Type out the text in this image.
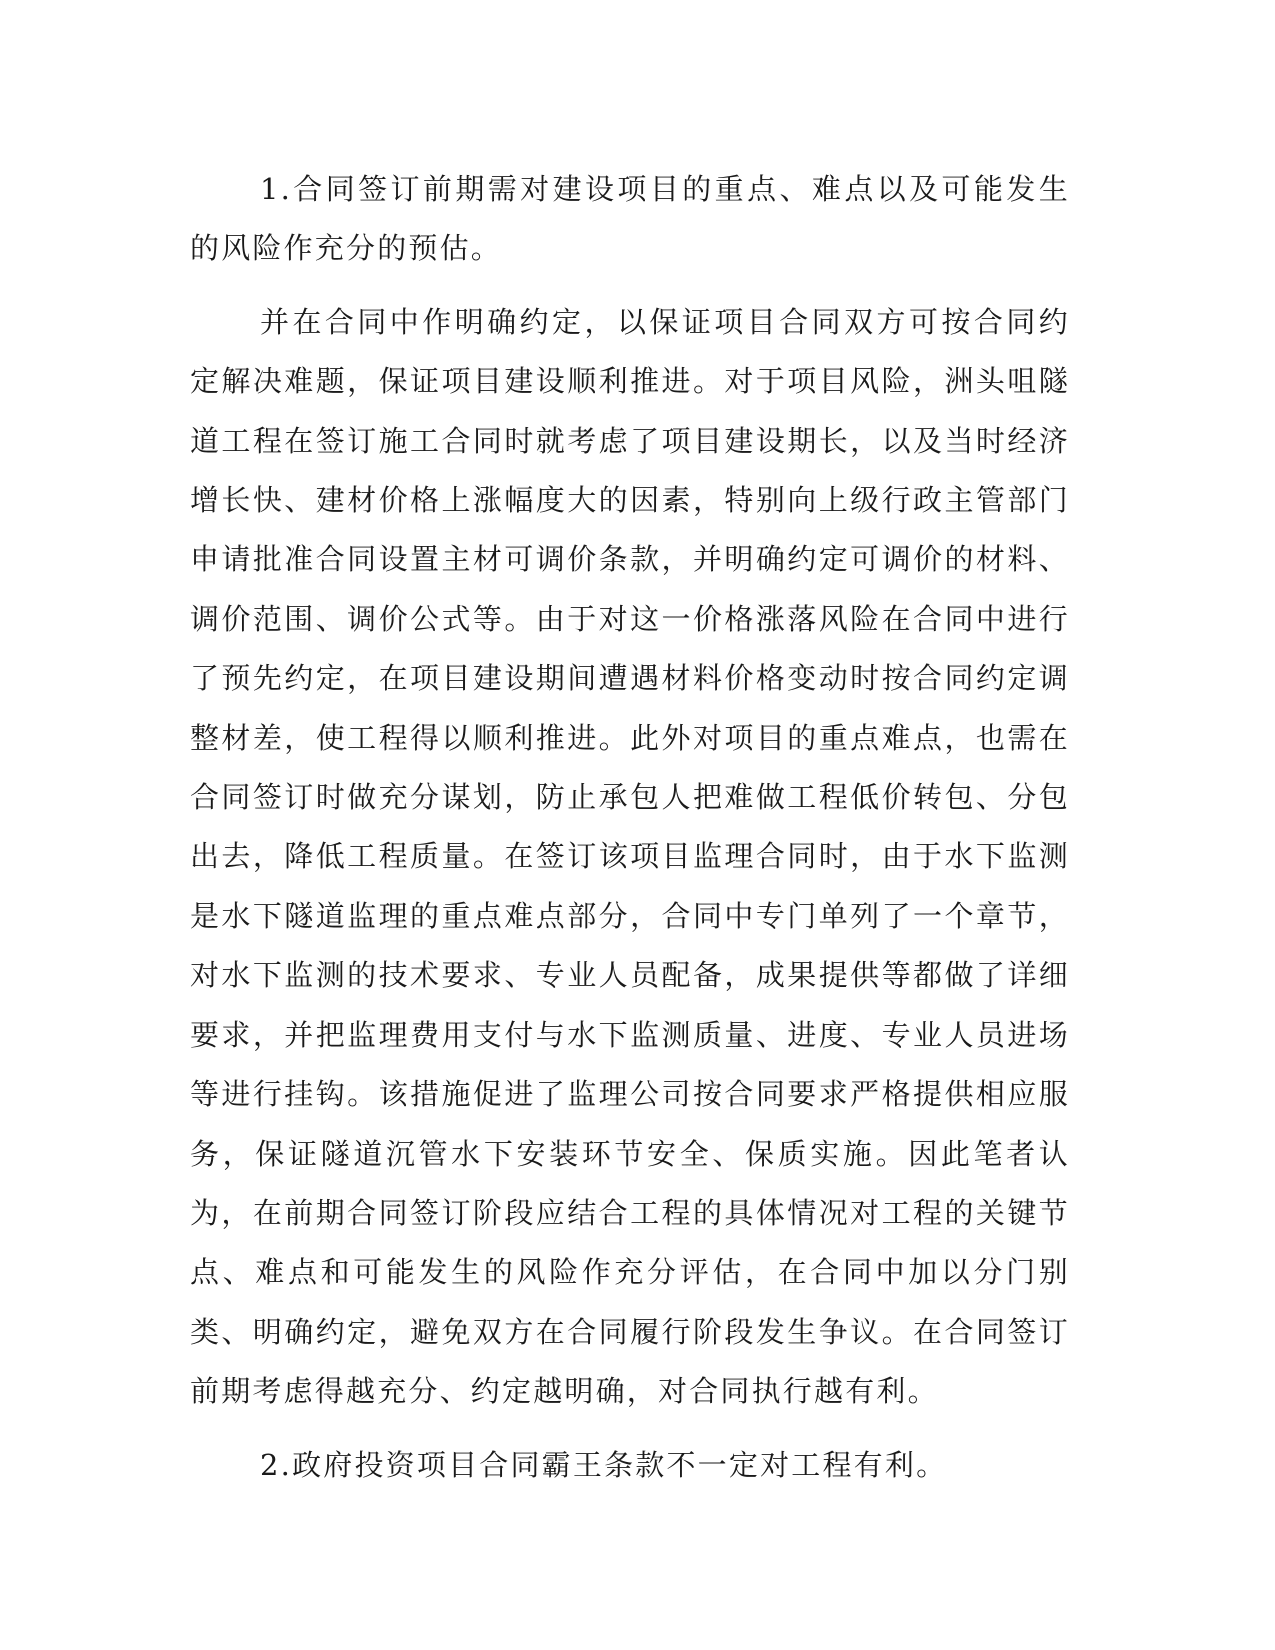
1.合同签订前期需对建设项目的重点、难点以及可能发生的风险作充分的预估。

并在合同中作明确约定，以保证项目合同双方可按合同约定解决难题，保证项目建设顺利推进。对于项目风险，洲头咀隧道工程在签订施工合同时就考虑了项目建设期长，以及当时经济增长快、建材价格上涨幅度大的因素，特别向上级行政主管部门申请批准合同设置主材可调价条款，并明确约定可调价的材料、调价范围、调价公式等。由于对这一价格涨落风险在合同中进行了预先约定，在项目建设期间遭遇材料价格变动时按合同约定调整材差，使工程得以顺利推进。此外对项目的重点难点，也需在合同签订时做充分谋划，防止承包人把难做工程低价转包、分包出去，降低工程质量。在签订该项目监理合同时，由于水下监测是水下隧道监理的重点难点部分，合同中专门单列了一个章节，对水下监测的技术要求、专业人员配备，成果提供等都做了详细要求，并把监理费用支付与水下监测质量、进度、专业人员进场等进行挂钩。该措施促进了监理公司按合同要求严格提供相应服务，保证隧道沉管水下安装环节安全、保质实施。因此笔者认为，在前期合同签订阶段应结合工程的具体情况对工程的关键节点、难点和可能发生的风险作充分评估，在合同中加以分门别类、明确约定，避免双方在合同履行阶段发生争议。在合同签订前期考虑得越充分、约定越明确，对合同执行越有利。

2.政府投资项目合同霸王条款不一定对工程有利。
